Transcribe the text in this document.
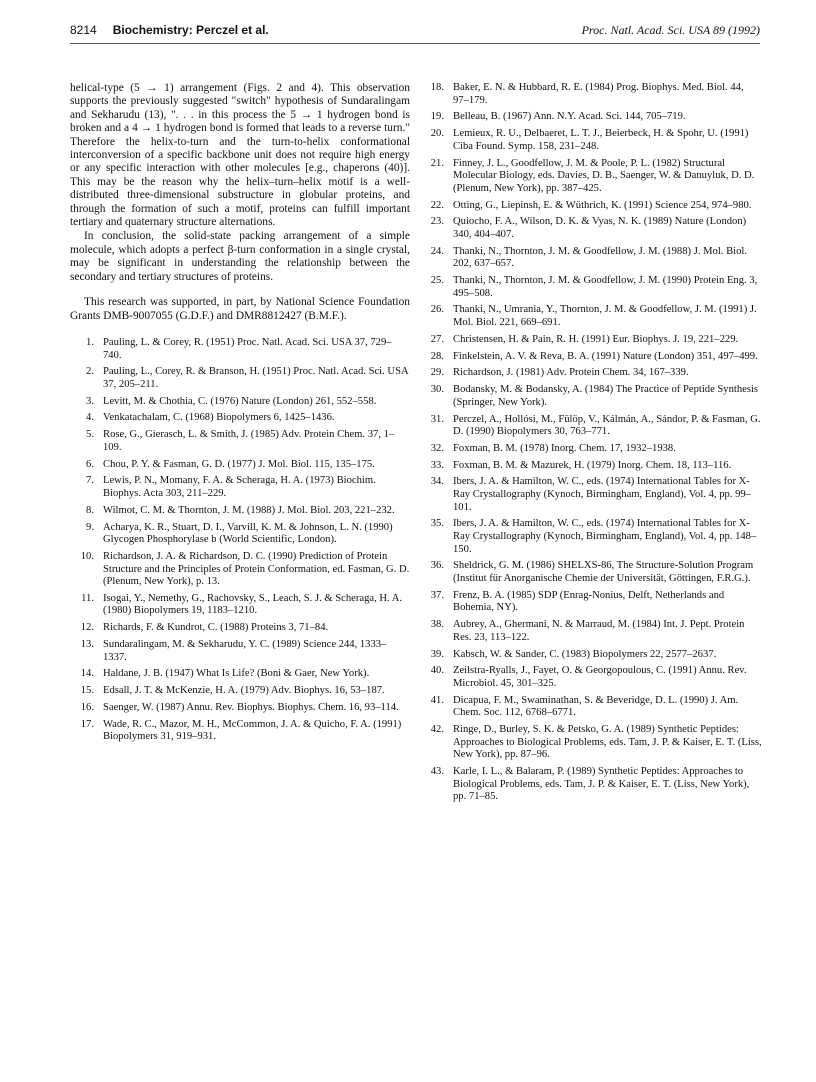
8214 Biochemistry: Perczel et al.	Proc. Natl. Acad. Sci. USA 89 (1992)

helical-type (5 → 1) arrangement (Figs. 2 and 4). This observation supports the previously suggested "switch" hypothesis of Sundaralingam and Sekharudu (13), ". . . in this process the 5 → 1 hydrogen bond is broken and a 4 → 1 hydrogen bond is formed that leads to a reverse turn." Therefore the helix-to-turn and the turn-to-helix conformational interconversion of a specific backbone unit does not require high energy or any specific interaction with other molecules [e.g., chaperons (40)]. This may be the reason why the helix–turn–helix motif is a well-distributed three-dimensional substructure in globular proteins, and through the formation of such a motif, proteins can fulfill important tertiary and quaternary structure alternations.

In conclusion, the solid-state packing arrangement of a simple molecule, which adopts a perfect β-turn conformation in a single crystal, may be significant in understanding the relationship between the secondary and tertiary structures of proteins.

This research was supported, in part, by National Science Foundation Grants DMB-9007055 (G.D.F.) and DMR8812427 (B.M.F.).

1. Pauling, L. & Corey, R. (1951) Proc. Natl. Acad. Sci. USA 37, 729–740.
2. Pauling, L., Corey, R. & Branson, H. (1951) Proc. Natl. Acad. Sci. USA 37, 205–211.
3. Levitt, M. & Chothia, C. (1976) Nature (London) 261, 552–558.
4. Venkatachalam, C. (1968) Biopolymers 6, 1425–1436.
5. Rose, G., Gierasch, L. & Smith, J. (1985) Adv. Protein Chem. 37, 1–109.
6. Chou, P. Y. & Fasman, G. D. (1977) J. Mol. Biol. 115, 135–175.
7. Lewis, P. N., Momany, F. A. & Scheraga, H. A. (1973) Biochim. Biophys. Acta 303, 211–229.
8. Wilmot, C. M. & Thornton, J. M. (1988) J. Mol. Biol. 203, 221–232.
9. Acharya, K. R., Stuart, D. I., Varvill, K. M. & Johnson, L. N. (1990) Glycogen Phosphorylase b (World Scientific, London).
10. Richardson, J. A. & Richardson, D. C. (1990) Prediction of Protein Structure and the Principles of Protein Conformation, ed. Fasman, G. D. (Plenum, New York), p. 13.
11. Isogai, Y., Nemethy, G., Rachovsky, S., Leach, S. J. & Scheraga, H. A. (1980) Biopolymers 19, 1183–1210.
12. Richards, F. & Kundrot, C. (1988) Proteins 3, 71–84.
13. Sundaralingam, M. & Sekharudu, Y. C. (1989) Science 244, 1333–1337.
14. Haldane, J. B. (1947) What Is Life? (Boni & Gaer, New York).
15. Edsall, J. T. & McKenzie, H. A. (1979) Adv. Biophys. 16, 53–187.
16. Saenger, W. (1987) Annu. Rev. Biophys. Biophys. Chem. 16, 93–114.
17. Wade, R. C., Mazor, M. H., McCommon, J. A. & Quicho, F. A. (1991) Biopolymers 31, 919–931.
18. Baker, E. N. & Hubbard, R. E. (1984) Prog. Biophys. Med. Biol. 44, 97–179.
19. Belleau, B. (1967) Ann. N.Y. Acad. Sci. 144, 705–719.
20. Lemieux, R. U., Delbaeret, L. T. J., Beierbeck, H. & Spohr, U. (1991) Ciba Found. Symp. 158, 231–248.
21. Finney, J. L., Goodfellow, J. M. & Poole, P. L. (1982) Structural Molecular Biology, eds. Davies, D. B., Saenger, W. & Danuyluk, D. D. (Plenum, New York), pp. 387–425.
22. Otting, G., Liepinsh, E. & Wüthrich, K. (1991) Science 254, 974–980.
23. Quiocho, F. A., Wilson, D. K. & Vyas, N. K. (1989) Nature (London) 340, 404–407.
24. Thanki, N., Thornton, J. M. & Goodfellow, J. M. (1988) J. Mol. Biol. 202, 637–657.
25. Thanki, N., Thornton, J. M. & Goodfellow, J. M. (1990) Protein Eng. 3, 495–508.
26. Thanki, N., Umrania, Y., Thornton, J. M. & Goodfellow, J. M. (1991) J. Mol. Biol. 221, 669–691.
27. Christensen, H. & Pain, R. H. (1991) Eur. Biophys. J. 19, 221–229.
28. Finkelstein, A. V. & Reva, B. A. (1991) Nature (London) 351, 497–499.
29. Richardson, J. (1981) Adv. Protein Chem. 34, 167–339.
30. Bodansky, M. & Bodansky, A. (1984) The Practice of Peptide Synthesis (Springer, New York).
31. Perczel, A., Hollósi, M., Fülöp, V., Kálmán, A., Sándor, P. & Fasman, G. D. (1990) Biopolymers 30, 763–771.
32. Foxman, B. M. (1978) Inorg. Chem. 17, 1932–1938.
33. Foxman, B. M. & Mazurek, H. (1979) Inorg. Chem. 18, 113–116.
34. Ibers, J. A. & Hamilton, W. C., eds. (1974) International Tables for X-Ray Crystallography (Kynoch, Birmingham, England), Vol. 4, pp. 99–101.
35. Ibers, J. A. & Hamilton, W. C., eds. (1974) International Tables for X-Ray Crystallography (Kynoch, Birmingham, England), Vol. 4, pp. 148–150.
36. Sheldrick, G. M. (1986) SHELXS-86, The Structure-Solution Program (Institut für Anorganische Chemie der Universität, Göttingen, F.R.G.).
37. Frenz, B. A. (1985) SDP (Enrag-Nonius, Delft, Netherlands and Bohemia, NY).
38. Aubrey, A., Ghermani, N. & Marraud, M. (1984) Int. J. Pept. Protein Res. 23, 113–122.
39. Kabsch, W. & Sander, C. (1983) Biopolymers 22, 2577–2637.
40. Zeilstra-Ryalls, J., Fayet, O. & Georgopoulous, C. (1991) Annu. Rev. Microbiol. 45, 301–325.
41. Dicapua, F. M., Swaminathan, S. & Beveridge, D. L. (1990) J. Am. Chem. Soc. 112, 6768–6771.
42. Ringe, D., Burley, S. K. & Petsko, G. A. (1989) Synthetic Peptides: Approaches to Biological Problems, eds. Tam, J. P. & Kaiser, E. T. (Liss, New York), pp. 87–96.
43. Karle, I. L., & Balaram, P. (1989) Synthetic Peptides: Approaches to Biological Problems, eds. Tam, J. P. & Kaiser, E. T. (Liss, New York), pp. 71–85.
